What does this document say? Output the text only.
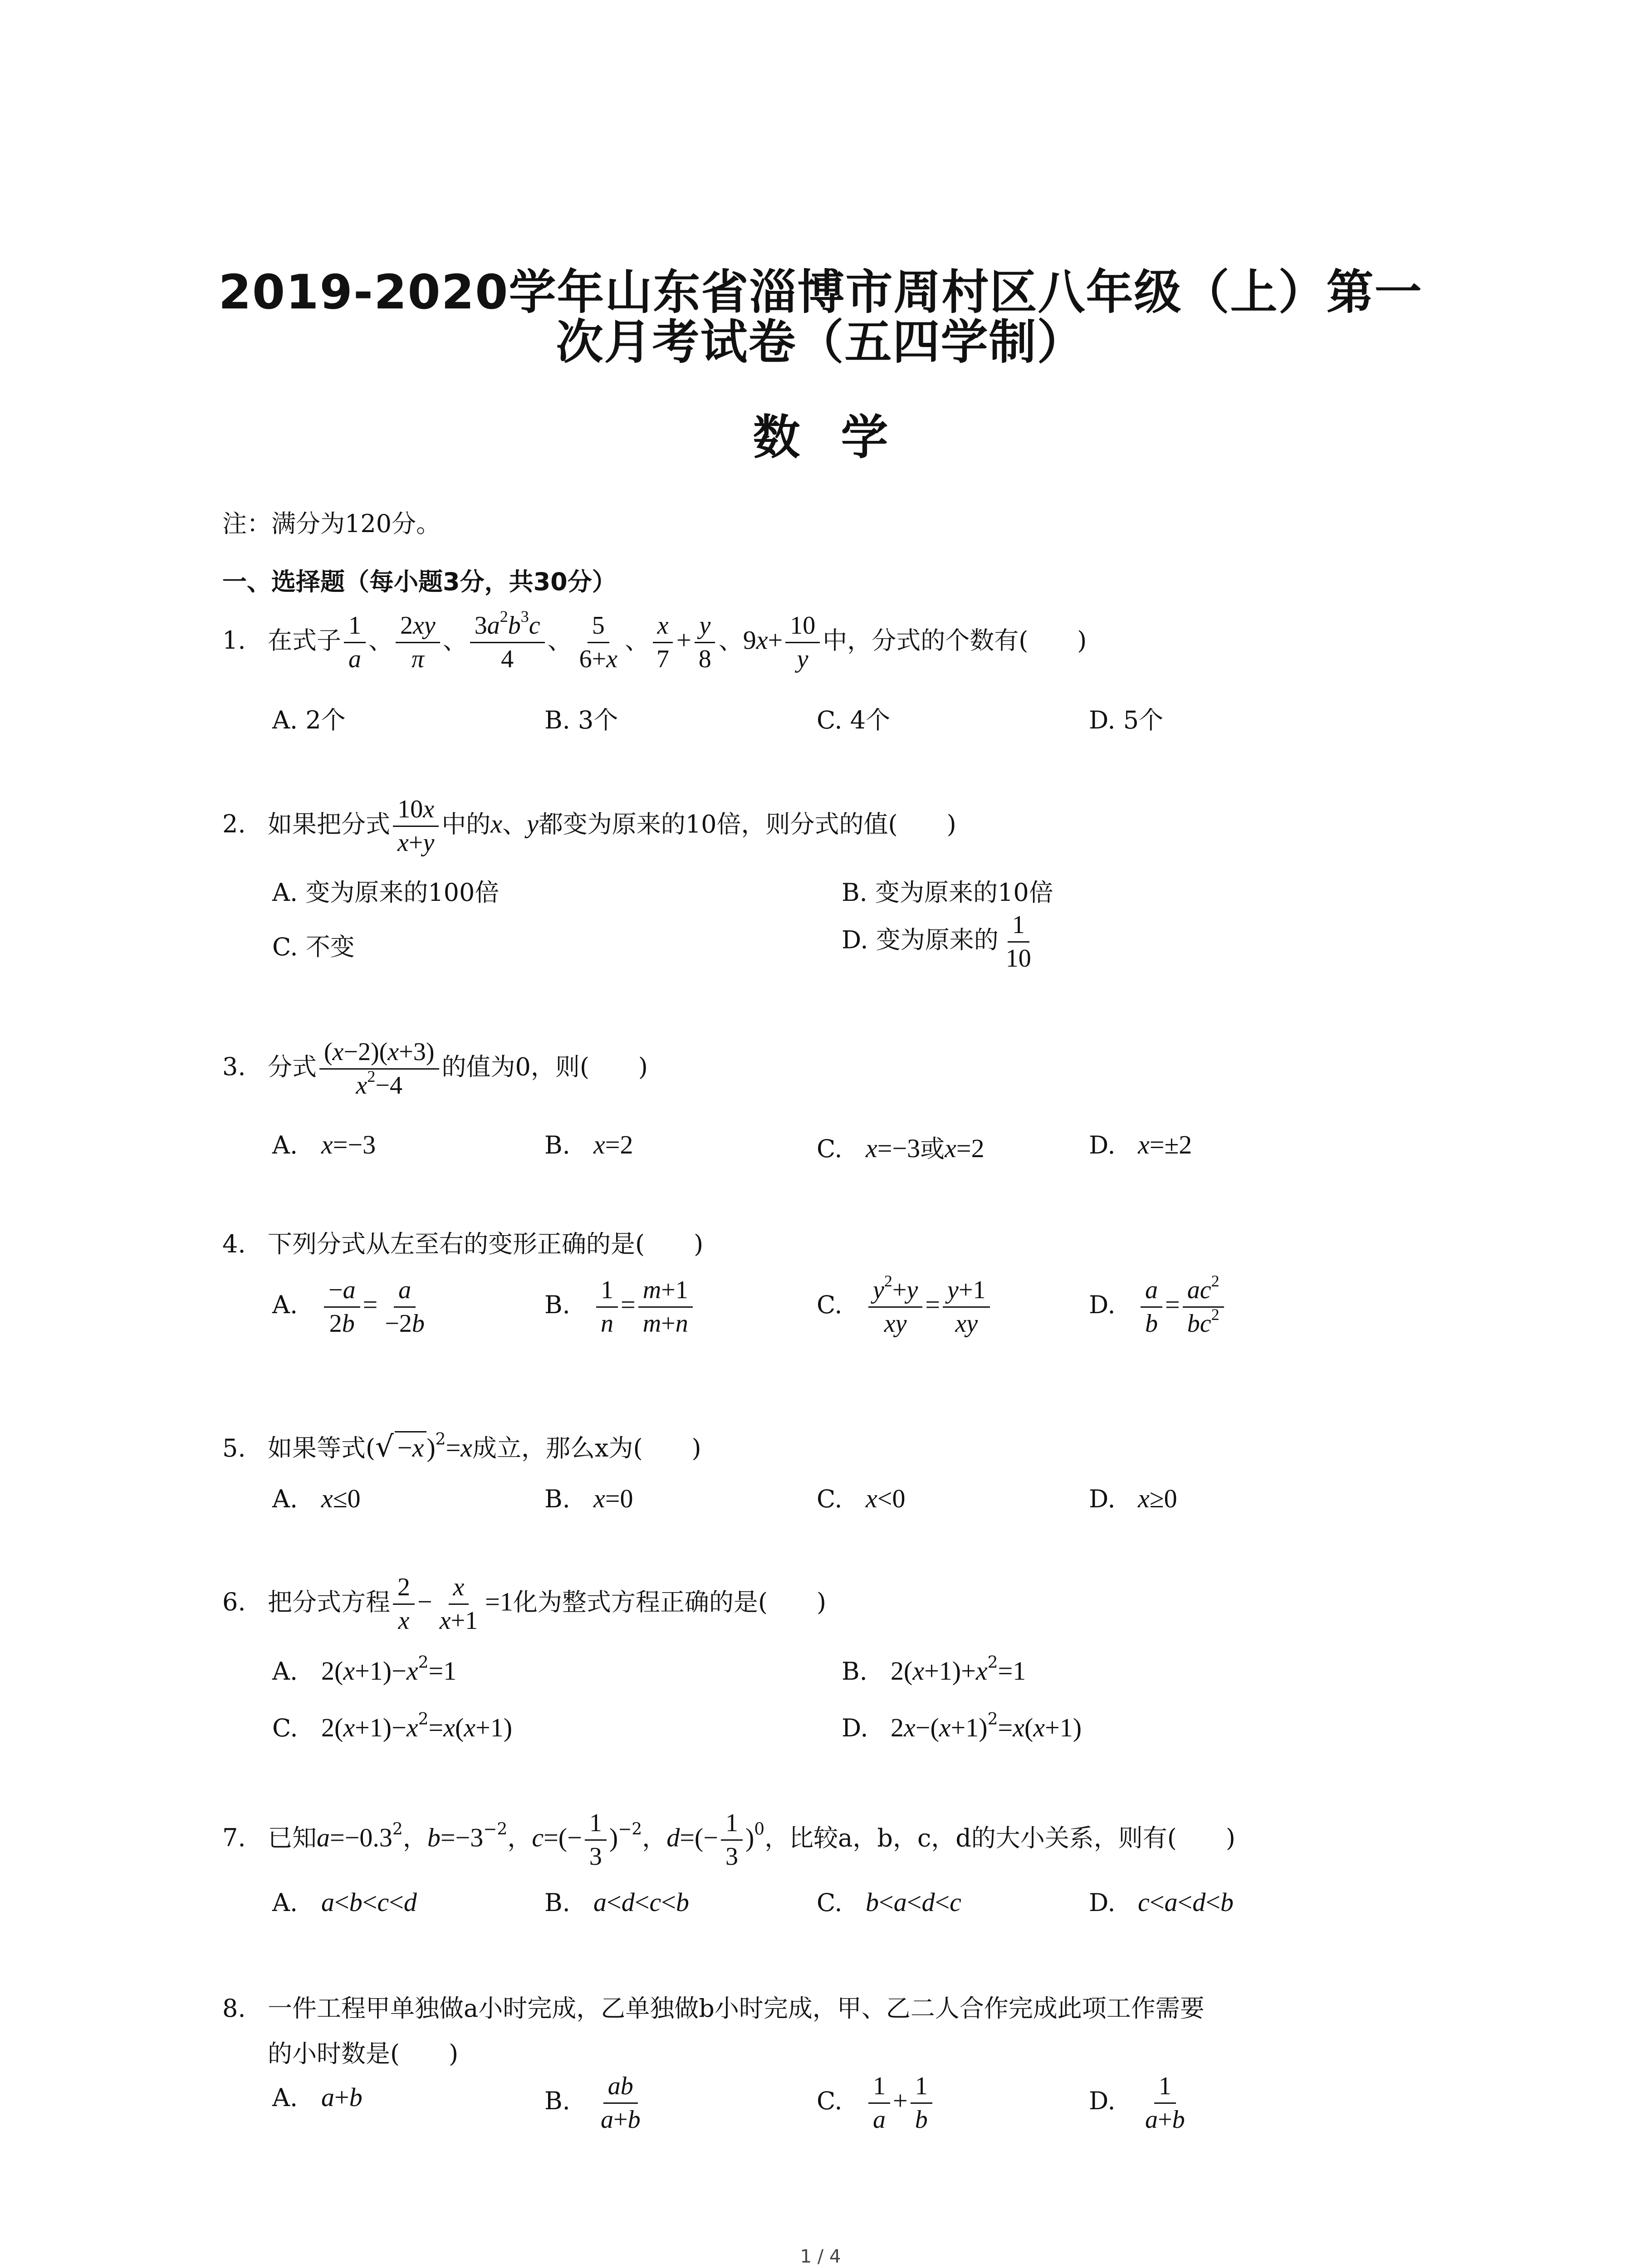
2019-2020学年山东省淄博市周村区八年级（上）第一
次月考试卷（五四学制）
数学
注：满分为120分。
一、选择题（每小题3分，共30分）
1. 在式子 $\frac{1}{a}$ 、 $\frac{2xy}{\pi}$ 、 $\frac{3a^2b^3c}{4}$ 、 $\frac{5}{6+x}$ 、 $\frac{x}{7} + \frac{y}{8}$ 、$9x+ \frac{10}{y}$ 中，分式的个数有(　　)
A. 2个	B. 3个	C. 4个	D. 5个
2. 如果把分式 $\frac{10x}{x+y}$ 中的x、y都变为原来的10倍，则分式的值(　　)
A. 变为原来的100倍	B. 变为原来的10倍
C. 不变	D. 变为原来的 $\frac{1}{10}$
3. 分式 $\frac{(x-2)(x+3)}{x^2-4}$ 的值为0，则(　　)
A. x=−3	B. x=2	C. x=−3或x=2	D. x=±2
4. 下列分式从左至右的变形正确的是(　　)
A. $\frac{-a}{2b} = \frac{a}{-2b}$	B. $\frac{1}{n} = \frac{m+1}{m+n}$	C. $\frac{y^2+y}{xy} = \frac{y+1}{xy}$	D. $\frac{a}{b} = \frac{ac^2}{bc^2}$
5. 如果等式(√ −x )$^2$=x成立，那么x为(　　)
A. x≤0	B. x=0	C. x<0	D. x≥0
6. 把分式方程 $\frac{2}{x} - \frac{x}{x+1} =1$化为整式方程正确的是(　　)
A. $2(x+1)-x^2=1$	B. $2(x+1)+x^2=1$
C. $2(x+1)-x^2=x(x+1)$	D. $2x-(x+1)^2=x(x+1)$
7. 已知$a=-0.3^2$，$b=-3^{-2}$，$c=(- \frac{1}{3} )^{-2}$，$d=(- \frac{1}{3} )^0$，比较a，b，c，d的大小关系，则有(　　)
A. a<b<c<d	B. a<d<c<b	C. b<a<d<c	D. c<a<d<b
8. 一件工程甲单独做a小时完成，乙单独做b小时完成，甲、乙二人合作完成此项工作需要
的小时数是(　　)
A. a+b	B. $\frac{ab}{a+b}$	C. $\frac{1}{a} + \frac{1}{b}$	D. $\frac{1}{a+b}$
1 / 4
